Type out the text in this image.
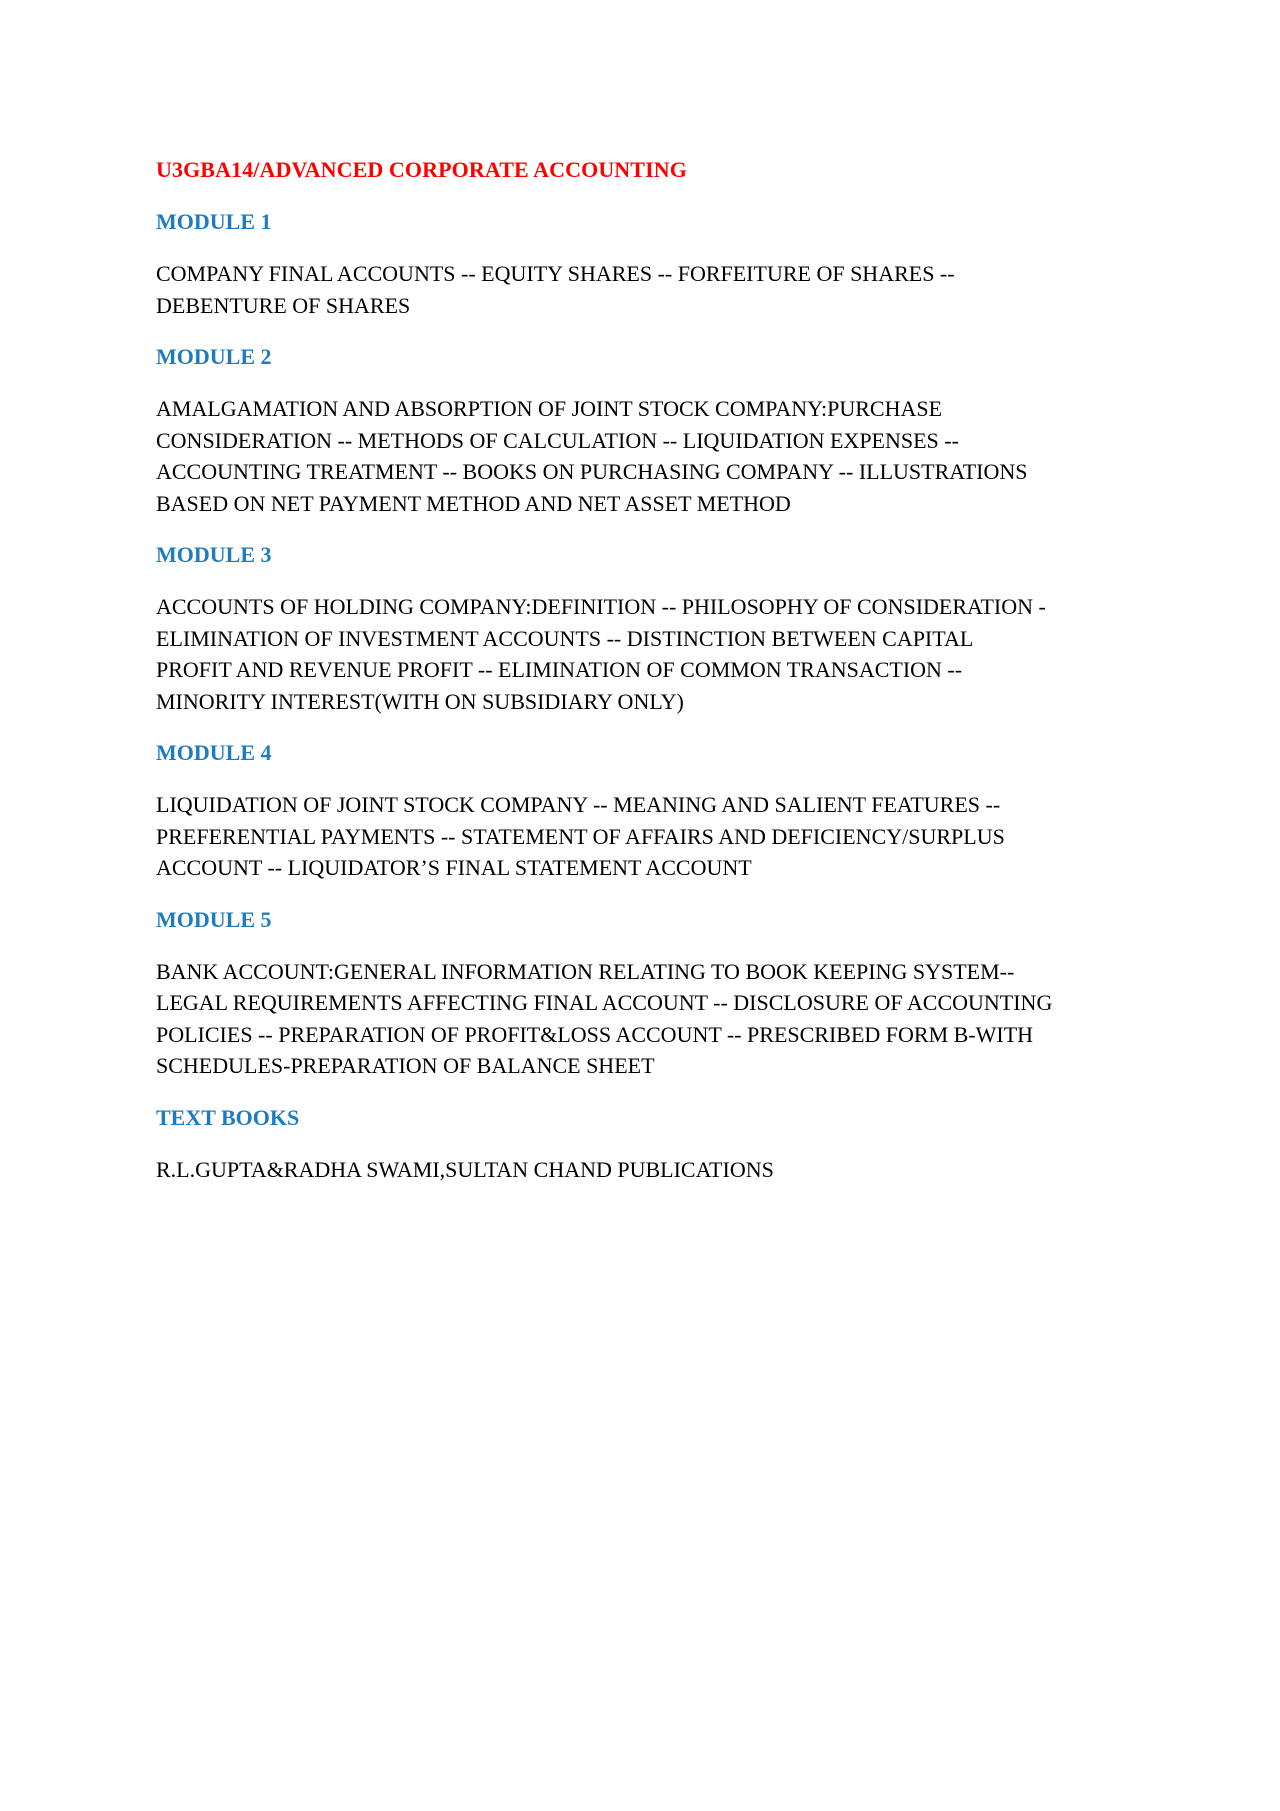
U3GBA14/ADVANCED CORPORATE ACCOUNTING
MODULE 1
COMPANY FINAL ACCOUNTS -- EQUITY SHARES -- FORFEITURE OF SHARES --
DEBENTURE OF SHARES
MODULE 2
AMALGAMATION AND ABSORPTION OF JOINT STOCK COMPANY:PURCHASE
CONSIDERATION -- METHODS OF CALCULATION -- LIQUIDATION EXPENSES --
ACCOUNTING TREATMENT -- BOOKS ON PURCHASING COMPANY -- ILLUSTRATIONS
BASED ON NET PAYMENT METHOD AND NET ASSET METHOD
MODULE 3
ACCOUNTS OF HOLDING COMPANY:DEFINITION -- PHILOSOPHY OF CONSIDERATION -
ELIMINATION OF INVESTMENT ACCOUNTS -- DISTINCTION BETWEEN CAPITAL
PROFIT AND REVENUE PROFIT -- ELIMINATION OF COMMON TRANSACTION --
MINORITY INTEREST(WITH ON SUBSIDIARY ONLY)
MODULE 4
LIQUIDATION OF JOINT STOCK COMPANY -- MEANING AND SALIENT FEATURES --
PREFERENTIAL PAYMENTS -- STATEMENT OF AFFAIRS AND DEFICIENCY/SURPLUS
ACCOUNT -- LIQUIDATOR’S FINAL STATEMENT ACCOUNT
MODULE 5
BANK ACCOUNT:GENERAL INFORMATION RELATING TO BOOK KEEPING SYSTEM--
LEGAL REQUIREMENTS AFFECTING FINAL ACCOUNT -- DISCLOSURE OF ACCOUNTING
POLICIES -- PREPARATION OF PROFIT&LOSS ACCOUNT -- PRESCRIBED FORM B-WITH
SCHEDULES-PREPARATION OF BALANCE SHEET
TEXT BOOKS
R.L.GUPTA&RADHA SWAMI,SULTAN CHAND PUBLICATIONS
